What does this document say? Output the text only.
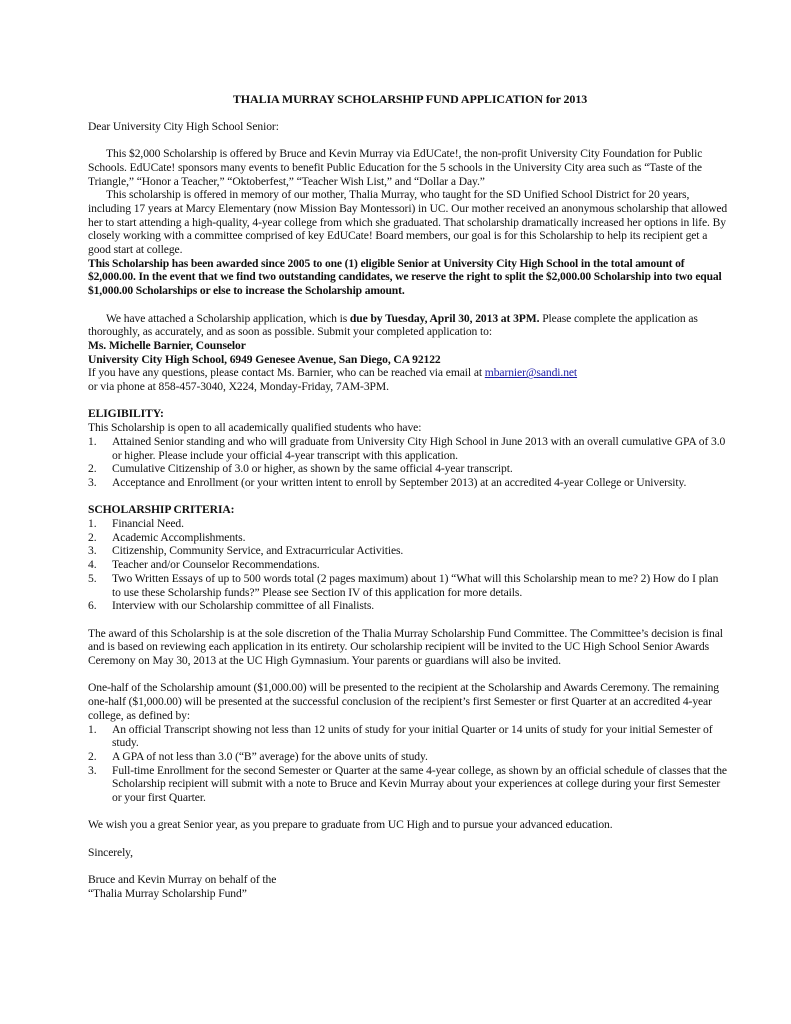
THALIA MURRAY SCHOLARSHIP FUND APPLICATION for 2013

Dear University City High School Senior:

This $2,000 Scholarship is offered by Bruce and Kevin Murray via EdUCate!, the non-profit University City Foundation for Public Schools. EdUCate! sponsors many events to benefit Public Education for the 5 schools in the University City area such as “Taste of the Triangle,” “Honor a Teacher,” “Oktoberfest,” “Teacher Wish List,” and “Dollar a Day.”

This scholarship is offered in memory of our mother, Thalia Murray, who taught for the SD Unified School District for 20 years, including 17 years at Marcy Elementary (now Mission Bay Montessori) in UC. Our mother received an anonymous scholarship that allowed her to start attending a high-quality, 4-year college from which she graduated. That scholarship dramatically increased her options in life. By closely working with a committee comprised of key EdUCate! Board members, our goal is for this Scholarship to help its recipient get a good start at college.

This Scholarship has been awarded since 2005 to one (1) eligible Senior at University City High School in the total amount of $2,000.00. In the event that we find two outstanding candidates, we reserve the right to split the $2,000.00 Scholarship into two equal $1,000.00 Scholarships or else to increase the Scholarship amount.

We have attached a Scholarship application, which is due by Tuesday, April 30, 2013 at 3PM. Please complete the application as thoroughly, as accurately, and as soon as possible. Submit your completed application to:

Ms. Michelle Barnier, Counselor

University City High School, 6949 Genesee Avenue, San Diego, CA 92122

If you have any questions, please contact Ms. Barnier, who can be reached via email at mbarnier@sandi.net

or via phone at 858-457-3040, X224, Monday-Friday, 7AM-3PM.

ELIGIBILITY:

This Scholarship is open to all academically qualified students who have:

1. Attained Senior standing and who will graduate from University City High School in June 2013 with an overall cumulative GPA of 3.0 or higher. Please include your official 4-year transcript with this application.
2. Cumulative Citizenship of 3.0 or higher, as shown by the same official 4-year transcript.
3. Acceptance and Enrollment (or your written intent to enroll by September 2013) at an accredited 4-year College or University.

SCHOLARSHIP CRITERIA:

1. Financial Need.
2. Academic Accomplishments.
3. Citizenship, Community Service, and Extracurricular Activities.
4. Teacher and/or Counselor Recommendations.
5. Two Written Essays of up to 500 words total (2 pages maximum) about 1) “What will this Scholarship mean to me? 2) How do I plan to use these Scholarship funds?” Please see Section IV of this application for more details.
6. Interview with our Scholarship committee of all Finalists.

The award of this Scholarship is at the sole discretion of the Thalia Murray Scholarship Fund Committee. The Committee’s decision is final and is based on reviewing each application in its entirety. Our scholarship recipient will be invited to the UC High School Senior Awards Ceremony on May 30, 2013 at the UC High Gymnasium. Your parents or guardians will also be invited.

One-half of the Scholarship amount ($1,000.00) will be presented to the recipient at the Scholarship and Awards Ceremony. The remaining one-half ($1,000.00) will be presented at the successful conclusion of the recipient’s first Semester or first Quarter at an accredited 4-year college, as defined by:

1. An official Transcript showing not less than 12 units of study for your initial Quarter or 14 units of study for your initial Semester of study.
2. A GPA of not less than 3.0 (“B” average) for the above units of study.
3. Full-time Enrollment for the second Semester or Quarter at the same 4-year college, as shown by an official schedule of classes that the Scholarship recipient will submit with a note to Bruce and Kevin Murray about your experiences at college during your first Semester or your first Quarter.

We wish you a great Senior year, as you prepare to graduate from UC High and to pursue your advanced education.

Sincerely,

Bruce and Kevin Murray on behalf of the

“Thalia Murray Scholarship Fund”
